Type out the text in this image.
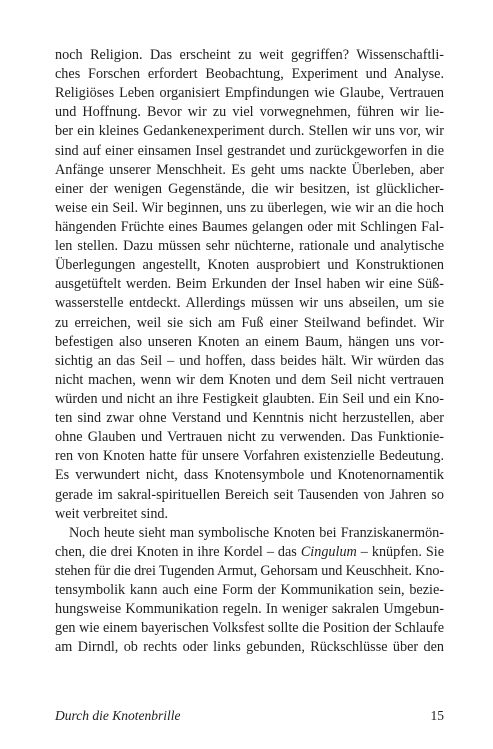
noch Religion. Das erscheint zu weit gegriffen? Wissenschaftli-
ches Forschen erfordert Beobachtung, Experiment und Analyse.
Religiöses Leben organisiert Empfindungen wie Glaube, Vertrauen
und Hoffnung. Bevor wir zu viel vorwegnehmen, führen wir lie-
ber ein kleines Gedankenexperiment durch. Stellen wir uns vor, wir
sind auf einer einsamen Insel gestrandet und zurückgeworfen in die
Anfänge unserer Menschheit. Es geht ums nackte Überleben, aber
einer der wenigen Gegenstände, die wir besitzen, ist glücklicher-
weise ein Seil. Wir beginnen, uns zu überlegen, wie wir an die hoch
hängenden Früchte eines Baumes gelangen oder mit Schlingen Fal-
len stellen. Dazu müssen sehr nüchterne, rationale und analytische
Überlegungen angestellt, Knoten ausprobiert und Konstruktionen
ausgetüftelt werden. Beim Erkunden der Insel haben wir eine Süß-
wasserstelle entdeckt. Allerdings müssen wir uns abseilen, um sie
zu erreichen, weil sie sich am Fuß einer Steilwand befindet. Wir
befestigen also unseren Knoten an einem Baum, hängen uns vor-
sichtig an das Seil – und hoffen, dass beides hält. Wir würden das
nicht machen, wenn wir dem Knoten und dem Seil nicht vertrauen
würden und nicht an ihre Festigkeit glaubten. Ein Seil und ein Kno-
ten sind zwar ohne Verstand und Kenntnis nicht herzustellen, aber
ohne Glauben und Vertrauen nicht zu verwenden. Das Funktionie-
ren von Knoten hatte für unsere Vorfahren existenzielle Bedeutung.
Es verwundert nicht, dass Knotensymbole und Knotenornamentik
gerade im sakral-spirituellen Bereich seit Tausenden von Jahren so
weit verbreitet sind.
Noch heute sieht man symbolische Knoten bei Franziskanermön-
chen, die drei Knoten in ihre Kordel – das Cingulum – knüpfen. Sie
stehen für die drei Tugenden Armut, Gehorsam und Keuschheit. Kno-
tensymbolik kann auch eine Form der Kommunikation sein, bezie-
hungsweise Kommunikation regeln. In weniger sakralen Umgebun-
gen wie einem bayerischen Volksfest sollte die Position der Schlaufe
am Dirndl, ob rechts oder links gebunden, Rückschlüsse über den
Durch die Knotenbrille	15
